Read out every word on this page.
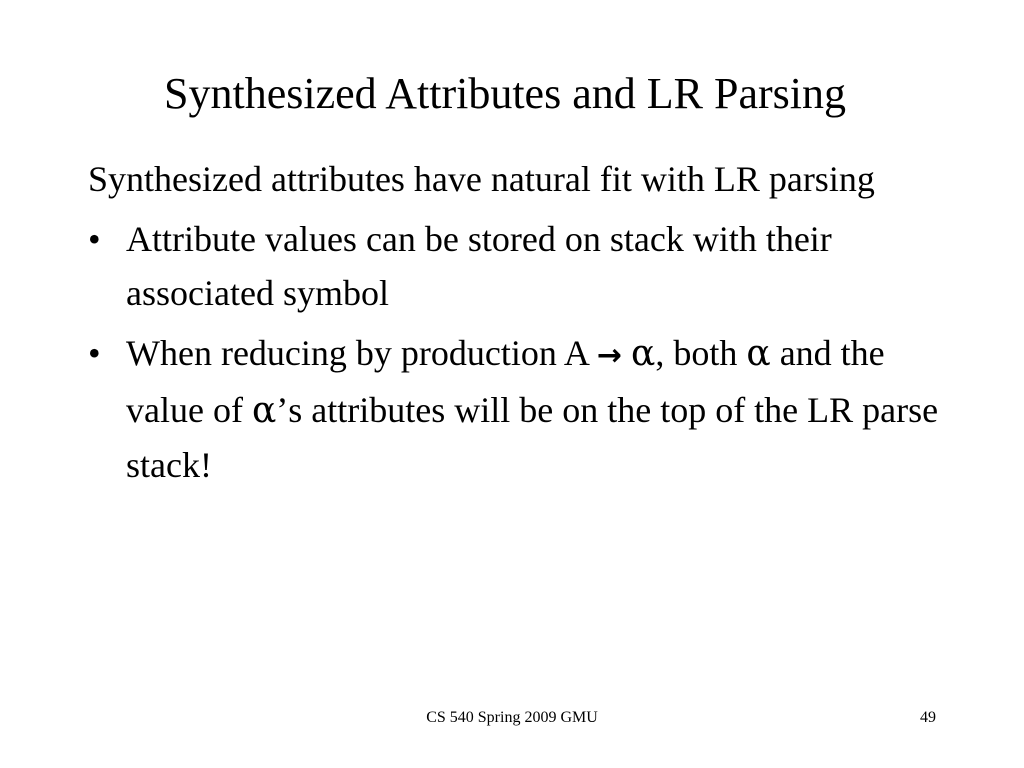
Synthesized Attributes and LR Parsing

Synthesized attributes have natural fit with LR parsing

• Attribute values can be stored on stack with their associated symbol
• When reducing by production A → α, both α and the value of α’s attributes will be on the top of the LR parse stack!
CS 540 Spring 2009 GMU	49
